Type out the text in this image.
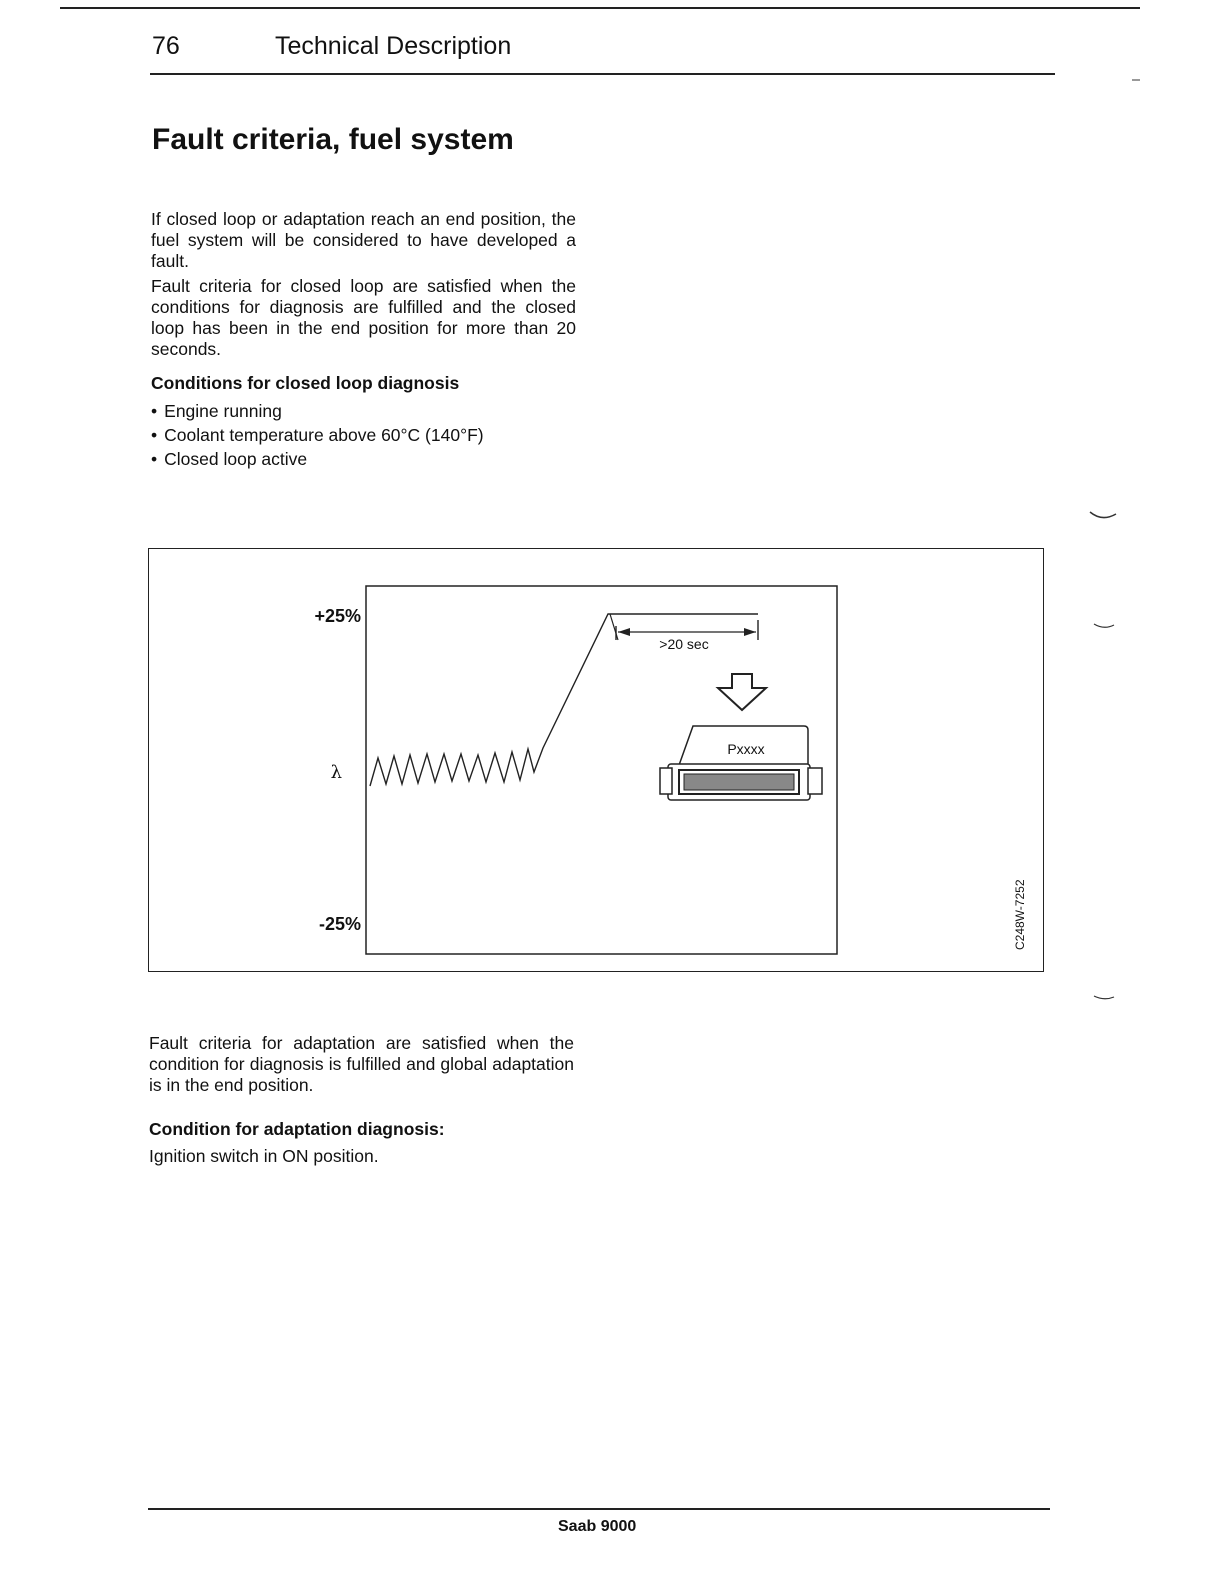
76	Technical Description
Fault criteria, fuel system

If closed loop or adaptation reach an end position, the fuel system will be considered to have developed a fault.

Fault criteria for closed loop are satisfied when the conditions for diagnosis are fulfilled and the closed loop has been in the end position for more than 20 seconds.

Conditions for closed loop diagnosis
• Engine running
• Coolant temperature above 60°C (140°F)
• Closed loop active
+25%
λ
-25%
>20 sec
Pxxxx
C248W-7252

Fault criteria for adaptation are satisfied when the condition for diagnosis is fulfilled and global adaptation is in the end position.

Condition for adaptation diagnosis:

Ignition switch in ON position.

Saab 9000
